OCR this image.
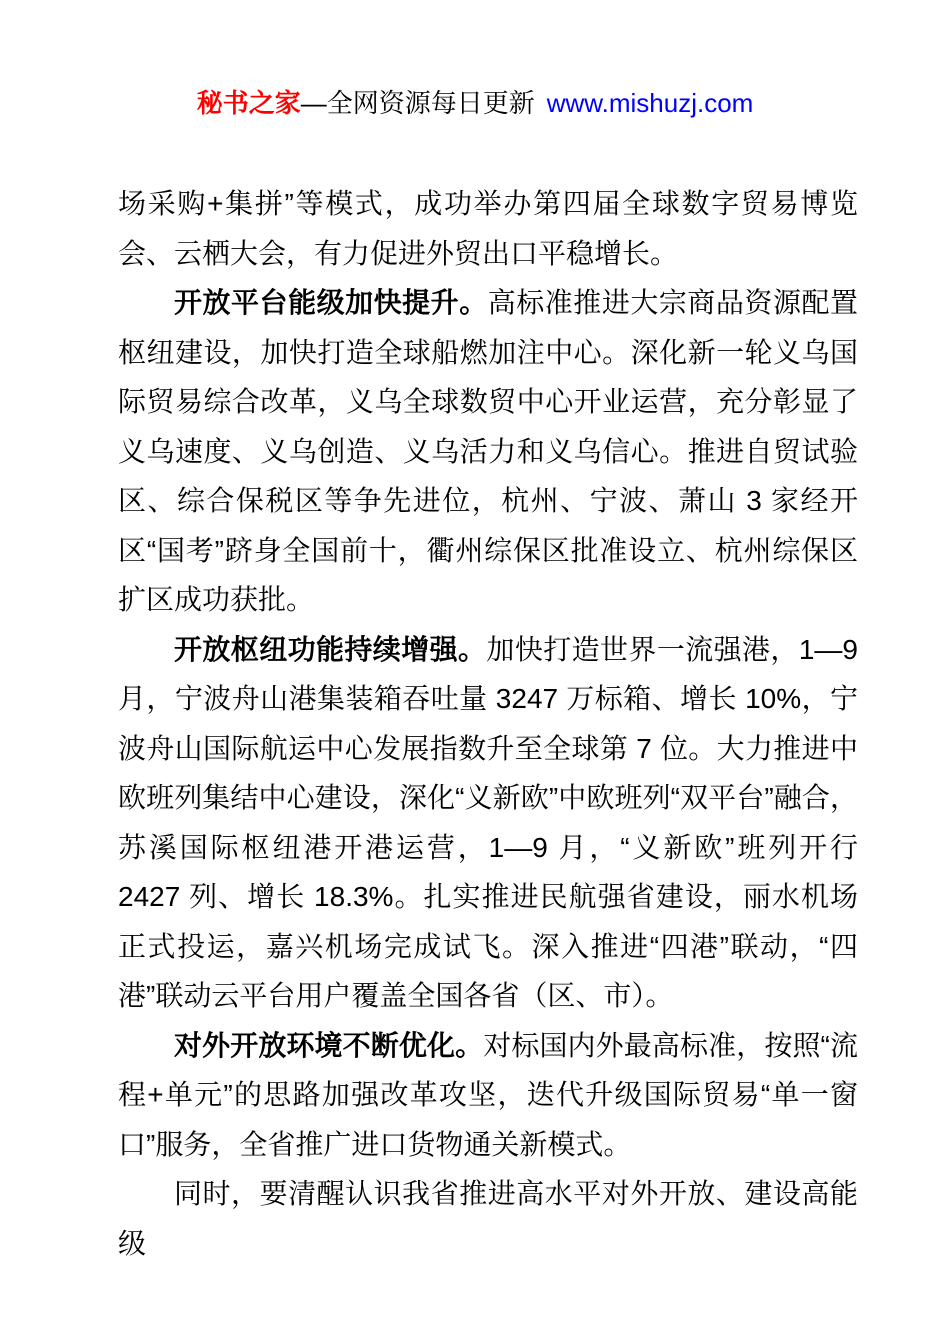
秘书之家—全网资源每日更新 www.mishuzj.com

场采购+集拼”等模式，成功举办第四届全球数字贸易博览会、云栖大会，有力促进外贸出口平稳增长。

开放平台能级加快提升。高标准推进大宗商品资源配置枢纽建设，加快打造全球船燃加注中心。深化新一轮义乌国际贸易综合改革，义乌全球数贸中心开业运营，充分彰显了义乌速度、义乌创造、义乌活力和义乌信心。推进自贸试验区、综合保税区等争先进位，杭州、宁波、萧山 3 家经开区“国考”跻身全国前十，衢州综保区批准设立、杭州综保区扩区成功获批。

开放枢纽功能持续增强。加快打造世界一流强港，1—9 月，宁波舟山港集装箱吞吐量 3247 万标箱、增长 10%，宁波舟山国际航运中心发展指数升至全球第 7 位。大力推进中欧班列集结中心建设，深化“义新欧”中欧班列“双平台”融合，苏溪国际枢纽港开港运营，1—9 月，“义新欧”班列开行 2427 列、增长 18.3%。扎实推进民航强省建设，丽水机场正式投运，嘉兴机场完成试飞。深入推进“四港”联动，“四港”联动云平台用户覆盖全国各省（区、市）。

对外开放环境不断优化。对标国内外最高标准，按照“流程+单元”的思路加强改革攻坚，迭代升级国际贸易“单一窗口”服务，全省推广进口货物通关新模式。

同时，要清醒认识我省推进高水平对外开放、建设高能级
